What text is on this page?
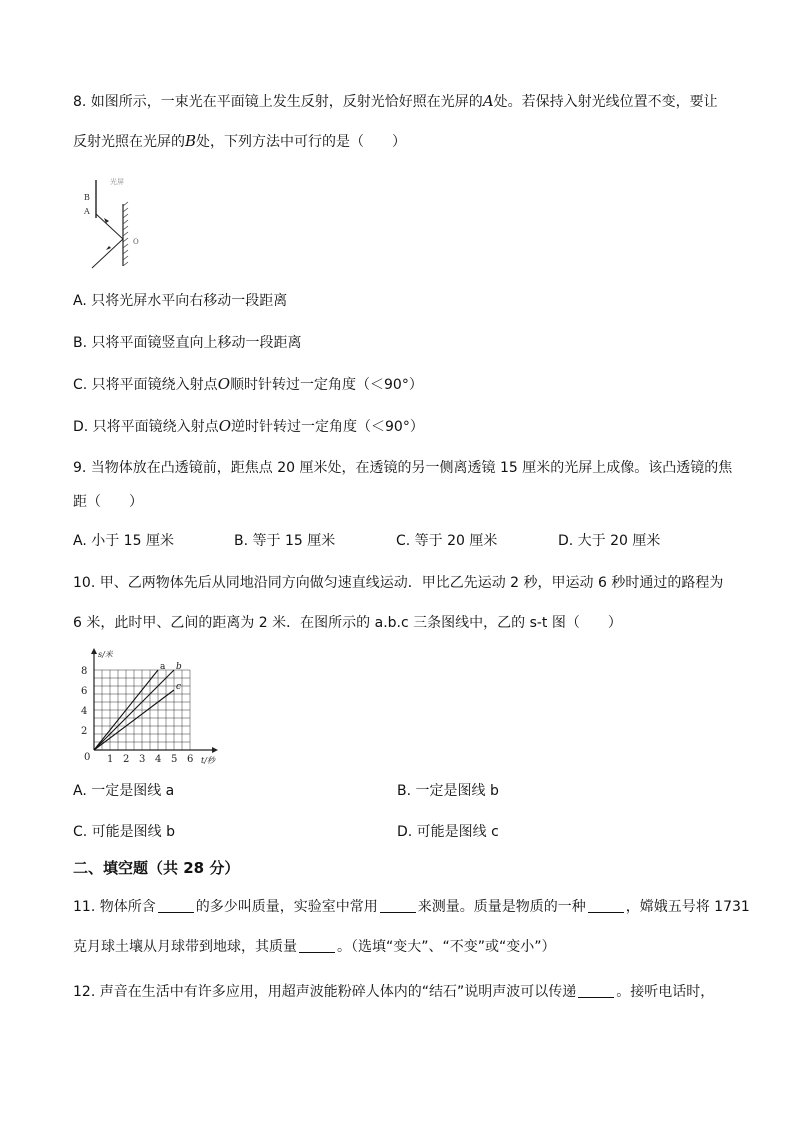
8. 如图所示，一束光在平面镜上发生反射，反射光恰好照在光屏的A处。若保持入射光线位置不变，要让
反射光照在光屏的B处，下列方法中可行的是（　　）
光屏
B
A
O
A. 只将光屏水平向右移动一段距离
B. 只将平面镜竖直向上移动一段距离
C. 只将平面镜绕入射点O顺时针转过一定角度（＜90°）
D. 只将平面镜绕入射点O逆时针转过一定角度（＜90°）
9. 当物体放在凸透镜前，距焦点 20 厘米处，在透镜的另一侧离透镜 15 厘米的光屏上成像。该凸透镜的焦
距（　　）
A. 小于 15 厘米	B. 等于 15 厘米	C. 等于 20 厘米	D. 大于 20 厘米
10. 甲、乙两物体先后从同地沿同方向做匀速直线运动．甲比乙先运动 2 秒，甲运动 6 秒时通过的路程为
6 米，此时甲、乙间的距离为 2 米．在图所示的 a.b.c 三条图线中，乙的 s-t 图（　　）
s/米
t/秒
0 1 2 3 4 5 6
2
4
6
8	a b
c
A. 一定是图线 a	B. 一定是图线 b
C. 可能是图线 b	D. 可能是图线 c
二、填空题（共 28 分）
11. 物体所含	的多少叫质量，实验室中常用	来测量。质量是物质的一种	，嫦娥五号将 1731
克月球土壤从月球带到地球，其质量	。（选填“变大”、“不变”或“变小”）
12. 声音在生活中有许多应用，用超声波能粉碎人体内的“结石”说明声波可以传递	。接听电话时，
